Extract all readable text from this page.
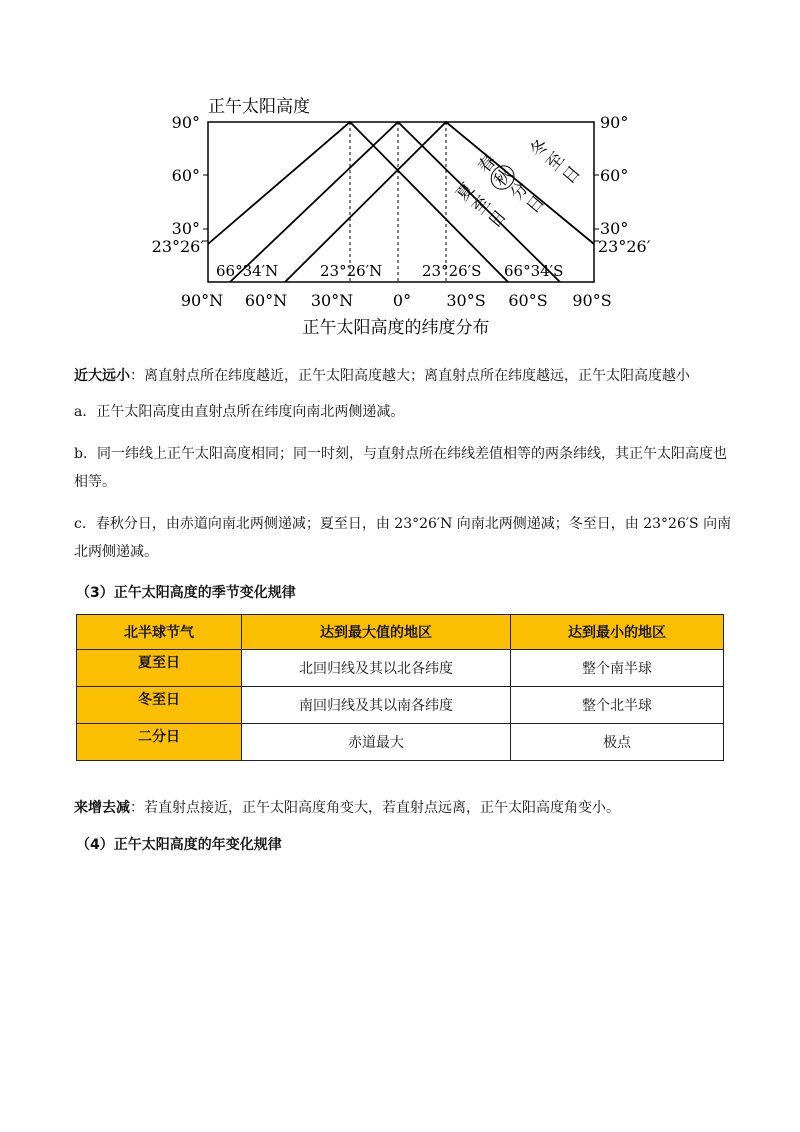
正午太阳高度
90°
60°
30°
23°26′
90°
60°
30°
23°26′
66°34′N	23°26′N	23°26′S 66°34′S
90°N 60°N 30°N 0° 30°S 60°S 90°S
正午太阳高度的纬度分布
冬
至
日
春
秋
分
日
夏
至
日

近大远小：离直射点所在纬度越近，正午太阳高度越大；离直射点所在纬度越远，正午太阳高度越小

a．正午太阳高度由直射点所在纬度向南北两侧递减。

b．同一纬线上正午太阳高度相同；同一时刻，与直射点所在纬线差值相等的两条纬线，其正午太阳高度也相等。

c．春秋分日，由赤道向南北两侧递减；夏至日，由 23°26′N 向南北两侧递减；冬至日，由 23°26′S 向南北两侧递减。

（3）正午太阳高度的季节变化规律

北半球节气	达到最大值的地区	达到最小的地区
夏至日	北回归线及其以北各纬度	整个南半球
冬至日	南回归线及其以南各纬度	整个北半球
二分日	赤道最大	极点

来增去减：若直射点接近，正午太阳高度角变大，若直射点远离，正午太阳高度角变小。

（4）正午太阳高度的年变化规律
